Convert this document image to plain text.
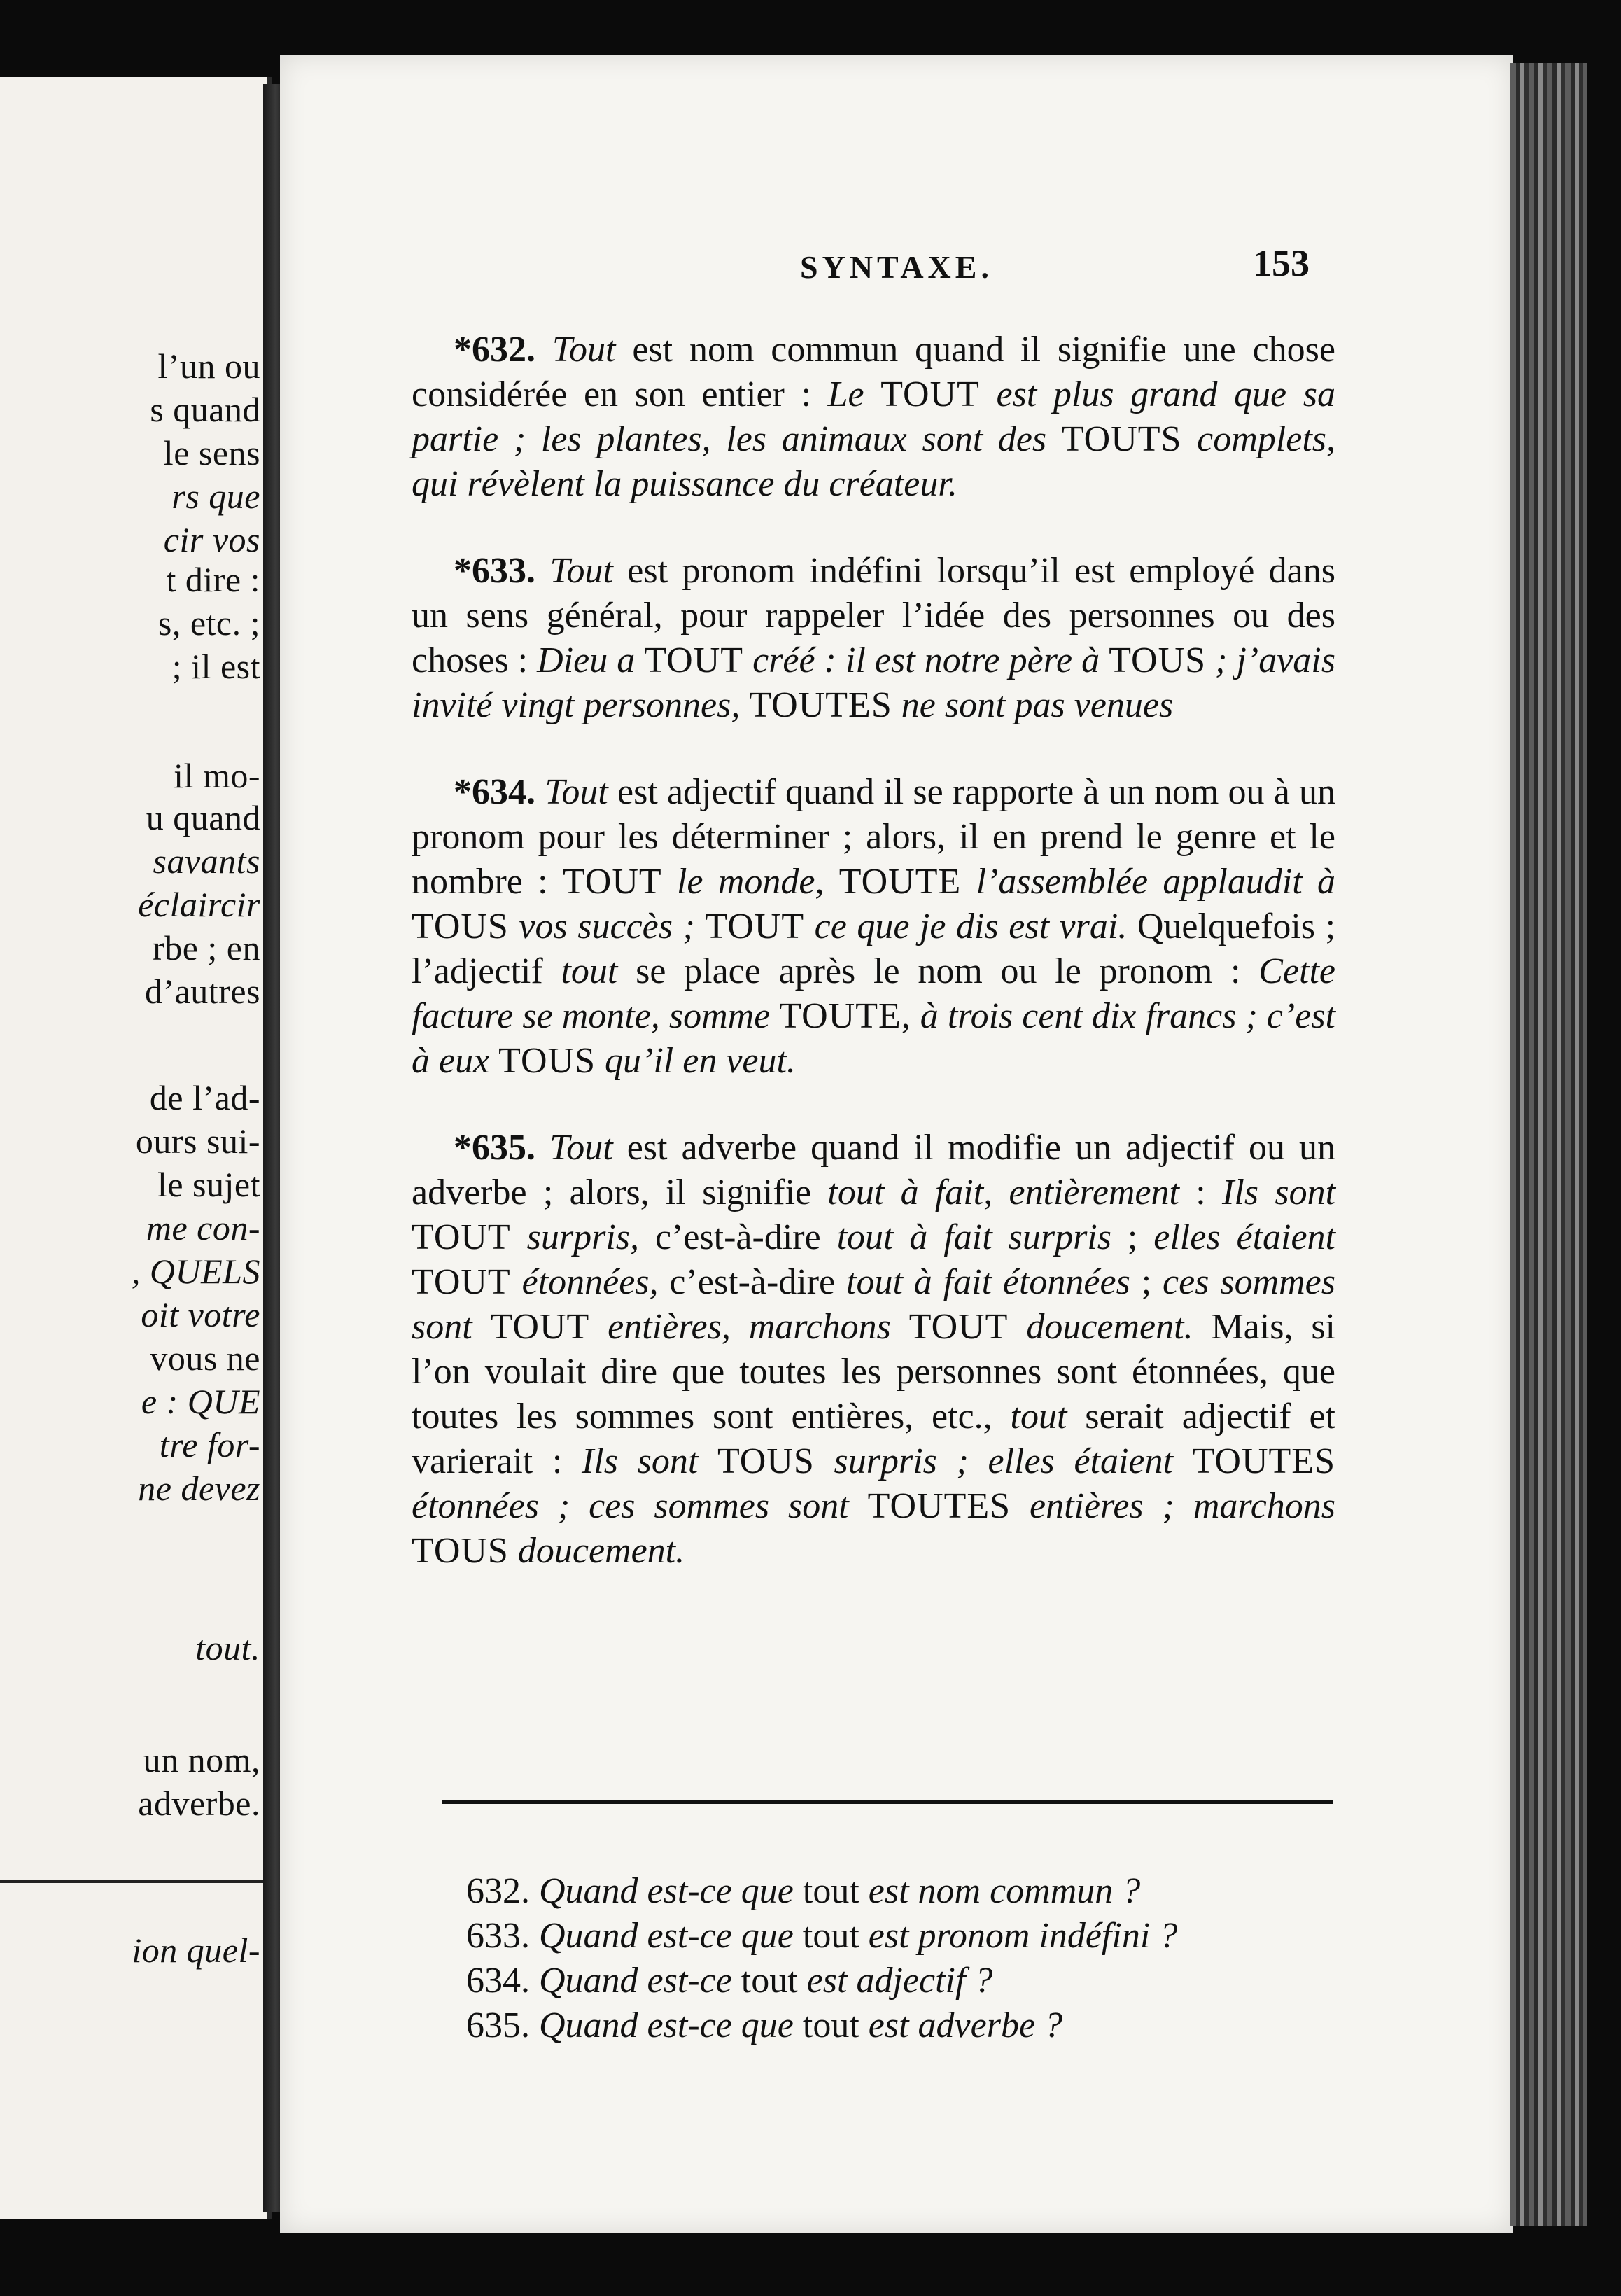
l’un ou
s quand
le sens
rs que
cir vos
t dire :
s, etc. ;
; il est
il mo-
u quand
savants
éclaircir
rbe ; en
d’autres
de l’ad-
ours sui-
le sujet
me con-
, QUELS
oit votre
vous ne
e : QUE
tre for-
ne devez
tout.
un nom,
adverbe.
ion quel-
SYNTAXE.	153

*632. Tout est nom commun quand il signifie une chose considérée en son entier : Le TOUT est plus grand que sa partie ; les plantes, les animaux sont des TOUTS complets, qui révèlent la puissance du créateur.

*633. Tout est pronom indéfini lorsqu’il est employé dans un sens général, pour rappeler l’idée des personnes ou des choses : Dieu a TOUT créé : il est notre père à TOUS ; j’avais invité vingt personnes, TOUTES ne sont pas venues

*634. Tout est adjectif quand il se rapporte à un nom ou à un pronom pour les déterminer ; alors, il en prend le genre et le nombre : TOUT le monde, TOUTE l’assemblée applaudit à TOUS vos succès ; TOUT ce que je dis est vrai. Quelquefois ; l’adjectif tout se place après le nom ou le pronom : Cette facture se monte, somme TOUTE, à trois cent dix francs ; c’est à eux TOUS qu’il en veut.

*635. Tout est adverbe quand il modifie un adjectif ou un adverbe ; alors, il signifie tout à fait, entièrement : Ils sont TOUT surpris, c’est-à-dire tout à fait surpris ; elles étaient TOUT étonnées, c’est-à-dire tout à fait étonnées ; ces sommes sont TOUT entières, marchons TOUT doucement. Mais, si l’on voulait dire que toutes les personnes sont étonnées, que toutes les sommes sont entières, etc., tout serait adjectif et varierait : Ils sont TOUS surpris ; elles étaient TOUTES étonnées ; ces sommes sont TOUTES entières ; marchons TOUS doucement.

632. Quand est-ce que tout est nom commun ?
633. Quand est-ce que tout est pronom indéfini ?
634. Quand est-ce tout est adjectif ?
635. Quand est-ce que tout est adverbe ?
